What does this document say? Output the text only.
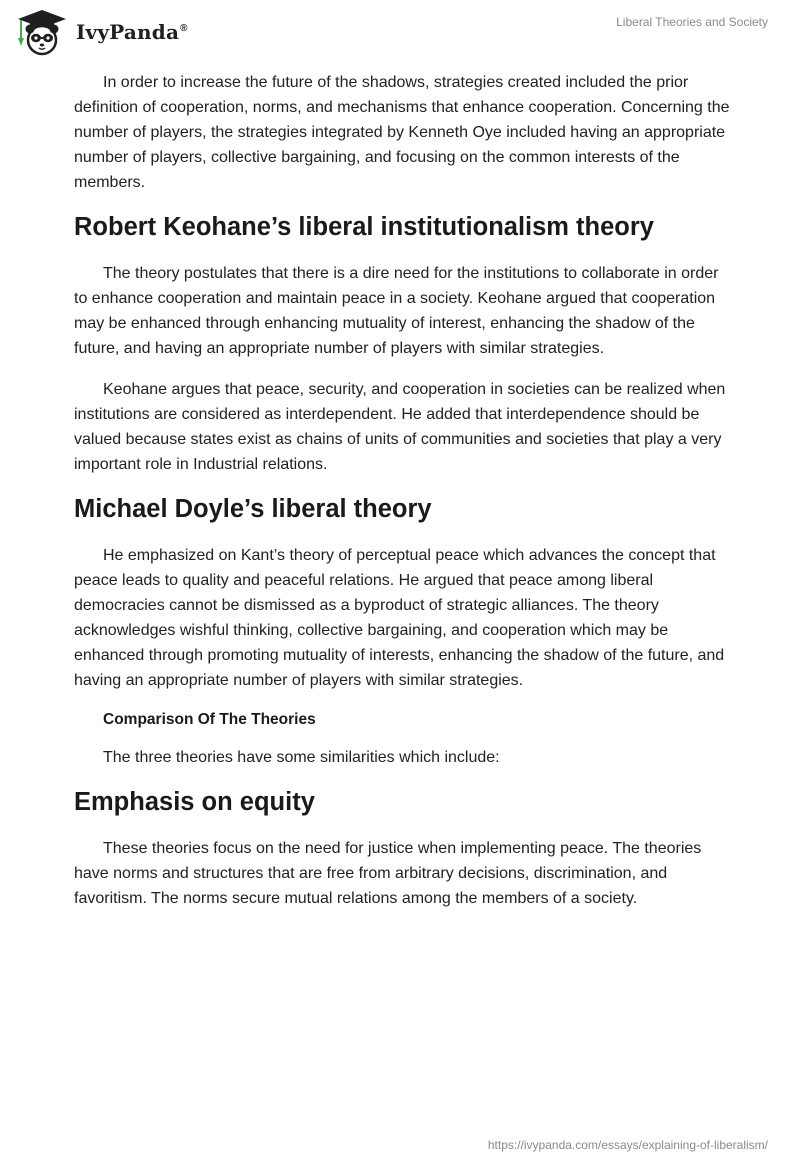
IvyPanda®	Liberal Theories and Society

In order to increase the future of the shadows, strategies created included the prior definition of cooperation, norms, and mechanisms that enhance cooperation. Concerning the number of players, the strategies integrated by Kenneth Oye included having an appropriate number of players, collective bargaining, and focusing on the common interests of the members.

Robert Keohane’s liberal institutionalism theory

The theory postulates that there is a dire need for the institutions to collaborate in order to enhance cooperation and maintain peace in a society. Keohane argued that cooperation may be enhanced through enhancing mutuality of interest, enhancing the shadow of the future, and having an appropriate number of players with similar strategies.

Keohane argues that peace, security, and cooperation in societies can be realized when institutions are considered as interdependent. He added that interdependence should be valued because states exist as chains of units of communities and societies that play a very important role in Industrial relations.

Michael Doyle’s liberal theory

He emphasized on Kant’s theory of perceptual peace which advances the concept that peace leads to quality and peaceful relations. He argued that peace among liberal democracies cannot be dismissed as a byproduct of strategic alliances. The theory acknowledges wishful thinking, collective bargaining, and cooperation which may be enhanced through promoting mutuality of interests, enhancing the shadow of the future, and having an appropriate number of players with similar strategies.

Comparison Of The Theories

The three theories have some similarities which include:

Emphasis on equity

These theories focus on the need for justice when implementing peace. The theories have norms and structures that are free from arbitrary decisions, discrimination, and favoritism. The norms secure mutual relations among the members of a society.

https://ivypanda.com/essays/explaining-of-liberalism/
